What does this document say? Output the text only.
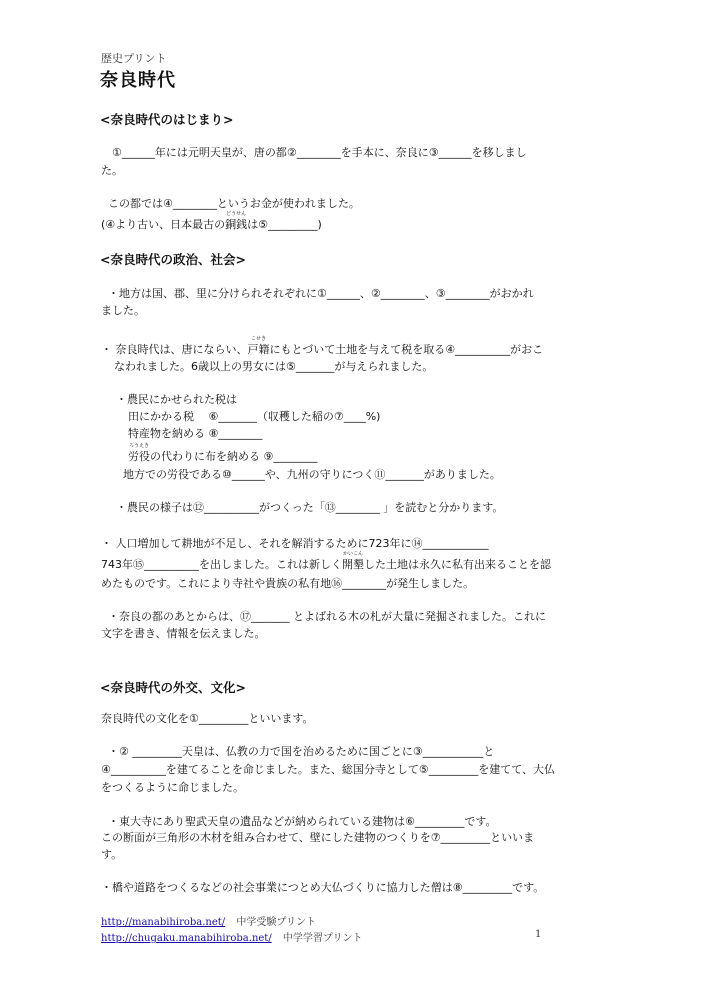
歴史プリント
奈良時代
<奈良時代のはじまり>
①______年には元明天皇が、唐の都②________を手本に、奈良に③______を移しまし
た。
この都では④________というお金が使われました。
(④より古い、日本最古の
どうせん
銅銭は⑤_________)
<奈良時代の政治、社会>
・地方は国、郡、里に分けられそれぞれに①______、②________、③________がおかれ
ました。
・ 奈良時代は、唐にならい、
こせき
戸籍にもとづいて土地を与えて税を取る④__________がおこ
なわれました。6歳以上の男女には⑤_______が与えられました。
・農民にかせられた税は
田にかかる税　 ⑥_______（収穫した稲の⑦____%)
特産物を納める ⑧________
ろうえき
労役の代わりに布を納める ⑨________
地方での労役である⑩______や、九州の守りにつく⑪_______がありました。
・農民の様子は⑫__________がつくった「⑬________ 」を読むと分かります。
・ 人口増加して耕地が不足し、それを解消するために723年に⑭____________
743年⑮__________を出しました。これは新しく
かいこん
開墾した土地は永久に私有出来ることを認
めたものです。これにより寺社や貴族の私有地⑯________が発生しました。
・奈良の都のあとからは、⑰_______ とよばれる木の札が大量に発掘されました。これに
文字を書き、情報を伝えました。
<奈良時代の外交、文化>
奈良時代の文化を①_________といいます。
・② _________天皇は、仏教の力で国を治めるために国ごとに③___________と
④__________を建てることを命じました。また、総国分寺として⑤_________を建てて、大仏
をつくるように命じました。
・東大寺にあり聖武天皇の遺品などが納められている建物は⑥_________です。
この断面が三角形の木材を組み合わせて、壁にした建物のつくりを⑦_________といいま
す。
・橋や道路をつくるなどの社会事業につとめ大仏づくりに協力した僧は⑧_________です。
http://manabihiroba.net/ 中学受験プリント
http://chugaku.manabihiroba.net/ 中学学習プリント	1
